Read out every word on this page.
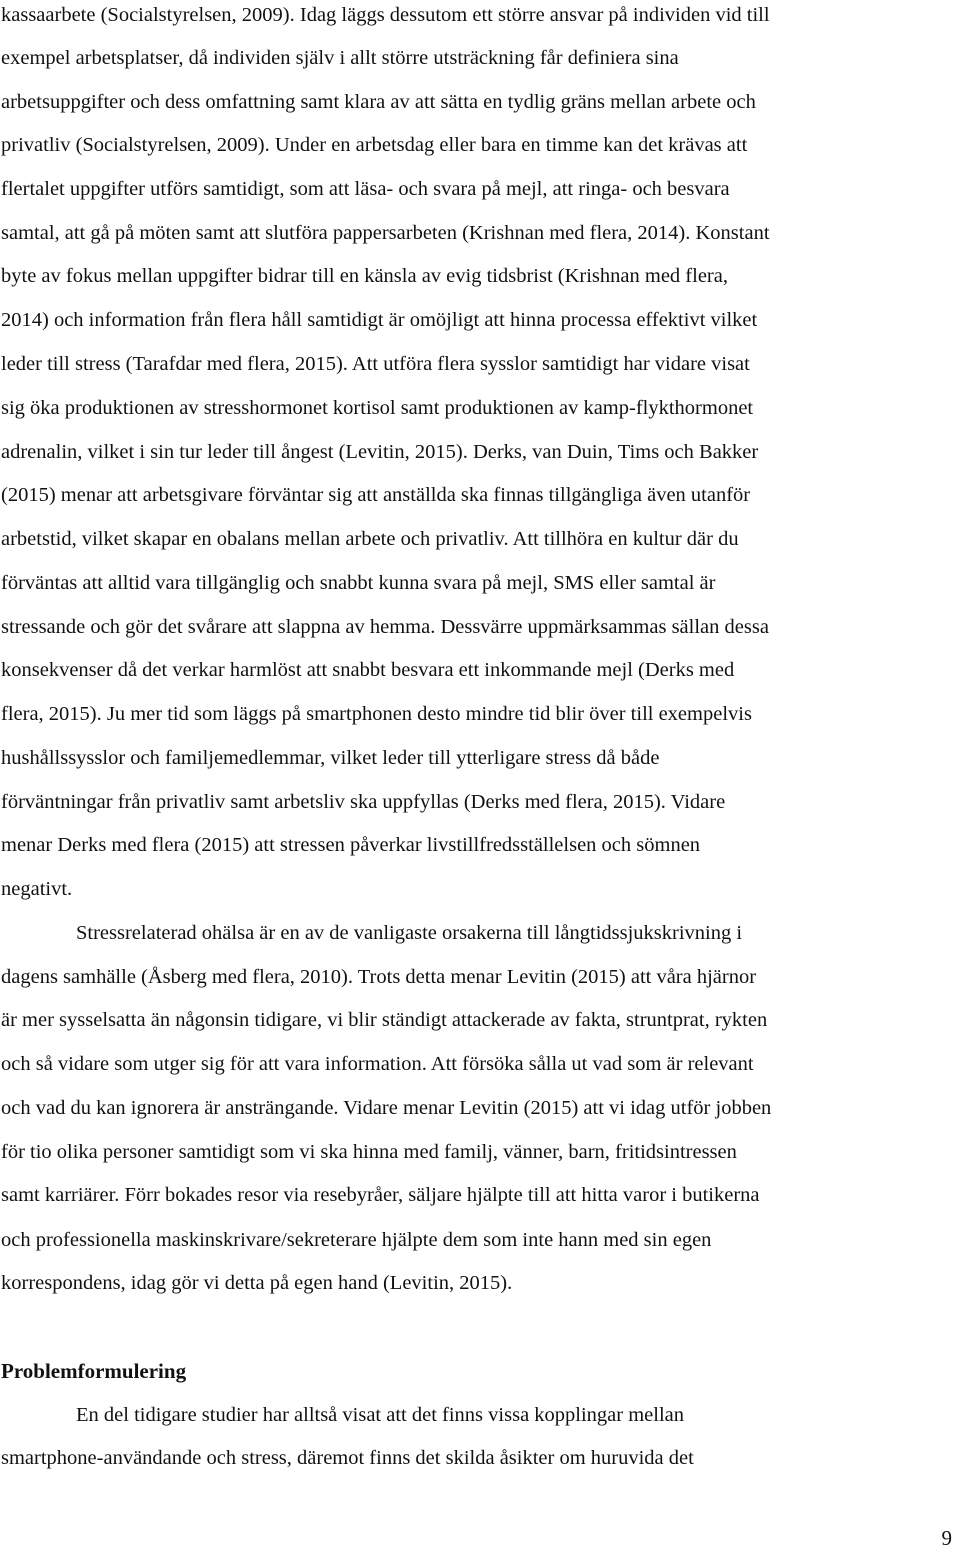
kassaarbete (Socialstyrelsen, 2009). Idag läggs dessutom ett större ansvar på individen vid till

exempel arbetsplatser, då individen själv i allt större utsträckning får definiera sina

arbetsuppgifter och dess omfattning samt klara av att sätta en tydlig gräns mellan arbete och

privatliv (Socialstyrelsen, 2009). Under en arbetsdag eller bara en timme kan det krävas att

flertalet uppgifter utförs samtidigt, som att läsa- och svara på mejl, att ringa- och besvara

samtal, att gå på möten samt att slutföra pappersarbeten (Krishnan med flera, 2014). Konstant

byte av fokus mellan uppgifter bidrar till en känsla av evig tidsbrist (Krishnan med flera,

2014) och information från flera håll samtidigt är omöjligt att hinna processa effektivt vilket

leder till stress (Tarafdar med flera, 2015). Att utföra flera sysslor samtidigt har vidare visat

sig öka produktionen av stresshormonet kortisol samt produktionen av kamp-flykthormonet

adrenalin, vilket i sin tur leder till ångest (Levitin, 2015). Derks, van Duin, Tims och Bakker

(2015) menar att arbetsgivare förväntar sig att anställda ska finnas tillgängliga även utanför

arbetstid, vilket skapar en obalans mellan arbete och privatliv. Att tillhöra en kultur där du

förväntas att alltid vara tillgänglig och snabbt kunna svara på mejl, SMS eller samtal är

stressande och gör det svårare att slappna av hemma. Dessvärre uppmärksammas sällan dessa

konsekvenser då det verkar harmlöst att snabbt besvara ett inkommande mejl (Derks med

flera, 2015). Ju mer tid som läggs på smartphonen desto mindre tid blir över till exempelvis

hushållssysslor och familjemedlemmar, vilket leder till ytterligare stress då både

förväntningar från privatliv samt arbetsliv ska uppfyllas (Derks med flera, 2015). Vidare

menar Derks med flera (2015) att stressen påverkar livstillfredsställelsen och sömnen

negativt.

Stressrelaterad ohälsa är en av de vanligaste orsakerna till långtidssjukskrivning i

dagens samhälle (Åsberg med flera, 2010). Trots detta menar Levitin (2015) att våra hjärnor

är mer sysselsatta än någonsin tidigare, vi blir ständigt attackerade av fakta, struntprat, rykten

och så vidare som utger sig för att vara information. Att försöka sålla ut vad som är relevant

och vad du kan ignorera är ansträngande. Vidare menar Levitin (2015) att vi idag utför jobben

för tio olika personer samtidigt som vi ska hinna med familj, vänner, barn, fritidsintressen

samt karriärer. Förr bokades resor via resebyråer, säljare hjälpte till att hitta varor i butikerna

och professionella maskinskrivare/sekreterare hjälpte dem som inte hann med sin egen

korrespondens, idag gör vi detta på egen hand (Levitin, 2015).

Problemformulering

En del tidigare studier har alltså visat att det finns vissa kopplingar mellan

smartphone-användande och stress, däremot finns det skilda åsikter om huruvida det

9
